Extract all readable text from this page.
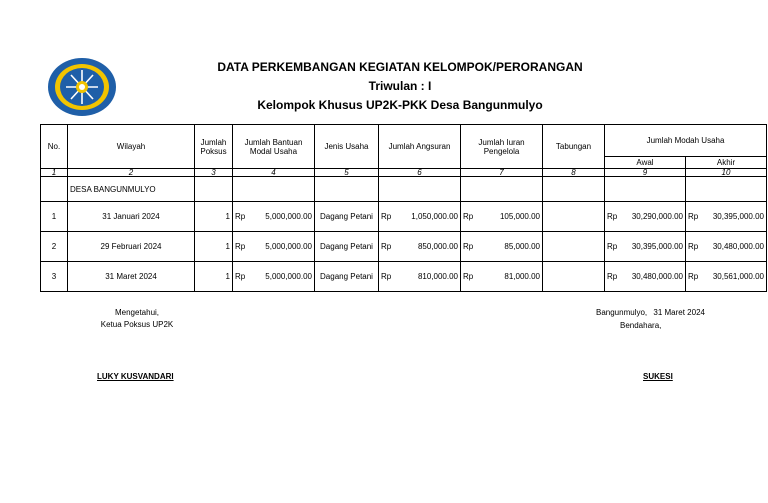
DATA PERKEMBANGAN KEGIATAN KELOMPOK/PERORANGAN
Triwulan : I
Kelompok Khusus UP2K-PKK Desa Bangunmulyo
No.	Wilayah	Jumlah Poksus	Jumlah Bantuan Modal Usaha	Jenis Usaha	Jumlah Angsuran	Jumlah Iuran Pengelola	Tabungan	Jumlah Modah Usaha	
								Awal	Akhir
1	2	3	4	5	6	7	8	9	10
	DESA BANGUNMULYO								
1	31 Januari 2024	1	Rp 5,000,000.00	Dagang Petani	Rp 1,050,000.00	Rp 105,000.00		Rp 30,290,000.00	Rp 30,395,000.00

2	29 Februari 2024	1	Rp 5,000,000.00	Dagang Petani	Rp 850,000.00	Rp 85,000.00		Rp 30,395,000.00	Rp 30,480,000.00

3	31 Maret 2024	1	Rp 5,000,000.00	Dagang Petani	Rp 810,000.00	Rp 81,000.00		Rp 30,480,000.00	Rp 30,561,000.00
Mengetahui,
Ketua Poksus UP2K
LUKY KUSVANDARI
Bangunmulyo, 31 Maret 2024
Bendahara,
SUKESI
